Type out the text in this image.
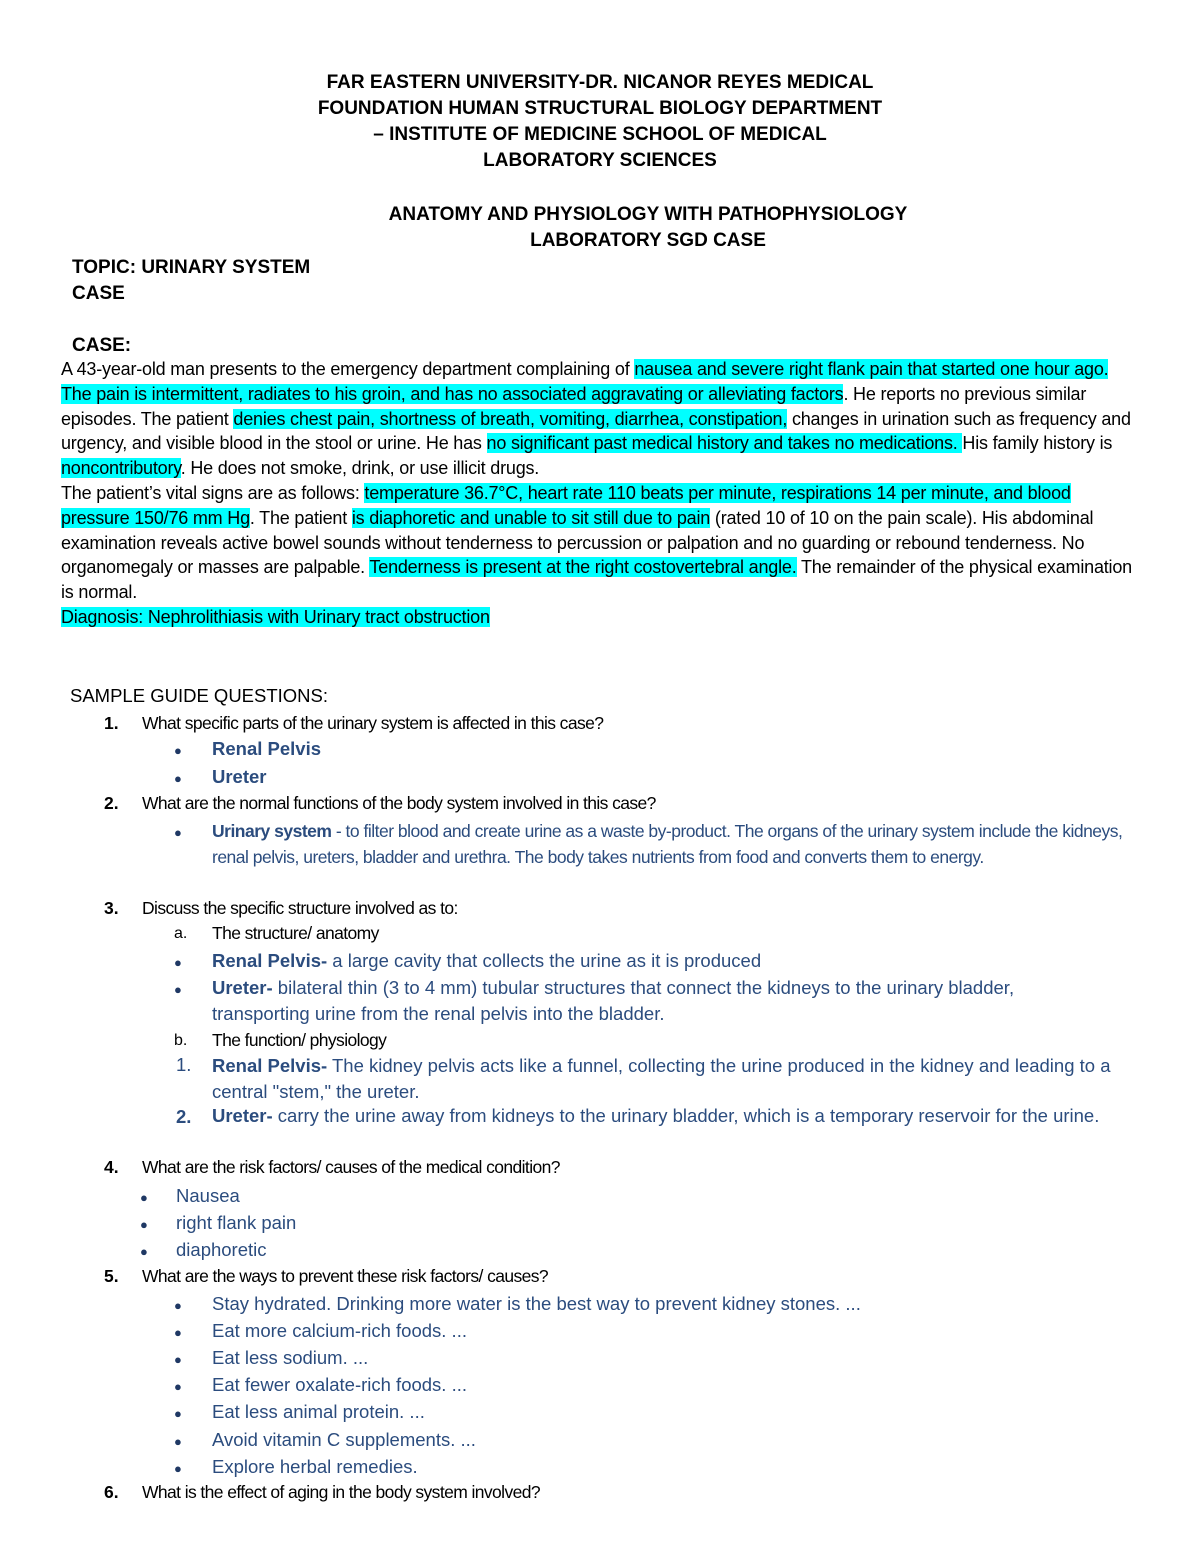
FAR EASTERN UNIVERSITY-DR. NICANOR REYES MEDICAL
FOUNDATION HUMAN STRUCTURAL BIOLOGY DEPARTMENT
– INSTITUTE OF MEDICINE SCHOOL OF MEDICAL
LABORATORY SCIENCES
ANATOMY AND PHYSIOLOGY WITH PATHOPHYSIOLOGY
LABORATORY SGD CASE
TOPIC: URINARY SYSTEM
CASE
CASE:
A 43-year-old man presents to the emergency department complaining of nausea and severe right flank pain that started one hour ago. The pain is intermittent, radiates to his groin, and has no associated aggravating or alleviating factors. He reports no previous similar episodes. The patient denies chest pain, shortness of breath, vomiting, diarrhea, constipation, changes in urination such as frequency and urgency, and visible blood in the stool or urine. He has no significant past medical history and takes no medications. His family history is noncontributory. He does not smoke, drink, or use illicit drugs.
The patient’s vital signs are as follows: temperature 36.7°C, heart rate 110 beats per minute, respirations 14 per minute, and blood pressure 150/76 mm Hg. The patient is diaphoretic and unable to sit still due to pain (rated 10 of 10 on the pain scale). His abdominal examination reveals active bowel sounds without tenderness to percussion or palpation and no guarding or rebound tenderness. No organomegaly or masses are palpable. Tenderness is present at the right costovertebral angle. The remainder of the physical examination is normal.
Diagnosis: Nephrolithiasis with Urinary tract obstruction
SAMPLE GUIDE QUESTIONS:
1. What specific parts of the urinary system is affected in this case?
● Renal Pelvis
● Ureter
2. What are the normal functions of the body system involved in this case?
● Urinary system - to filter blood and create urine as a waste by-product. The organs of the urinary system include the kidneys, renal pelvis, ureters, bladder and urethra. The body takes nutrients from food and converts them to energy.
3. Discuss the specific structure involved as to:
a. The structure/ anatomy
● Renal Pelvis- a large cavity that collects the urine as it is produced
● Ureter- bilateral thin (3 to 4 mm) tubular structures that connect the kidneys to the urinary bladder, transporting urine from the renal pelvis into the bladder.
b. The function/ physiology
1. Renal Pelvis- The kidney pelvis acts like a funnel, collecting the urine produced in the kidney and leading to a central "stem," the ureter.
2. Ureter- carry the urine away from kidneys to the urinary bladder, which is a temporary reservoir for the urine.
4. What are the risk factors/ causes of the medical condition?
● Nausea
● right flank pain
● diaphoretic
5. What are the ways to prevent these risk factors/ causes?
● Stay hydrated. Drinking more water is the best way to prevent kidney stones. ...
● Eat more calcium-rich foods. ...
● Eat less sodium. ...
● Eat fewer oxalate-rich foods. ...
● Eat less animal protein. ...
● Avoid vitamin C supplements. ...
● Explore herbal remedies.
6. What is the effect of aging in the body system involved?
